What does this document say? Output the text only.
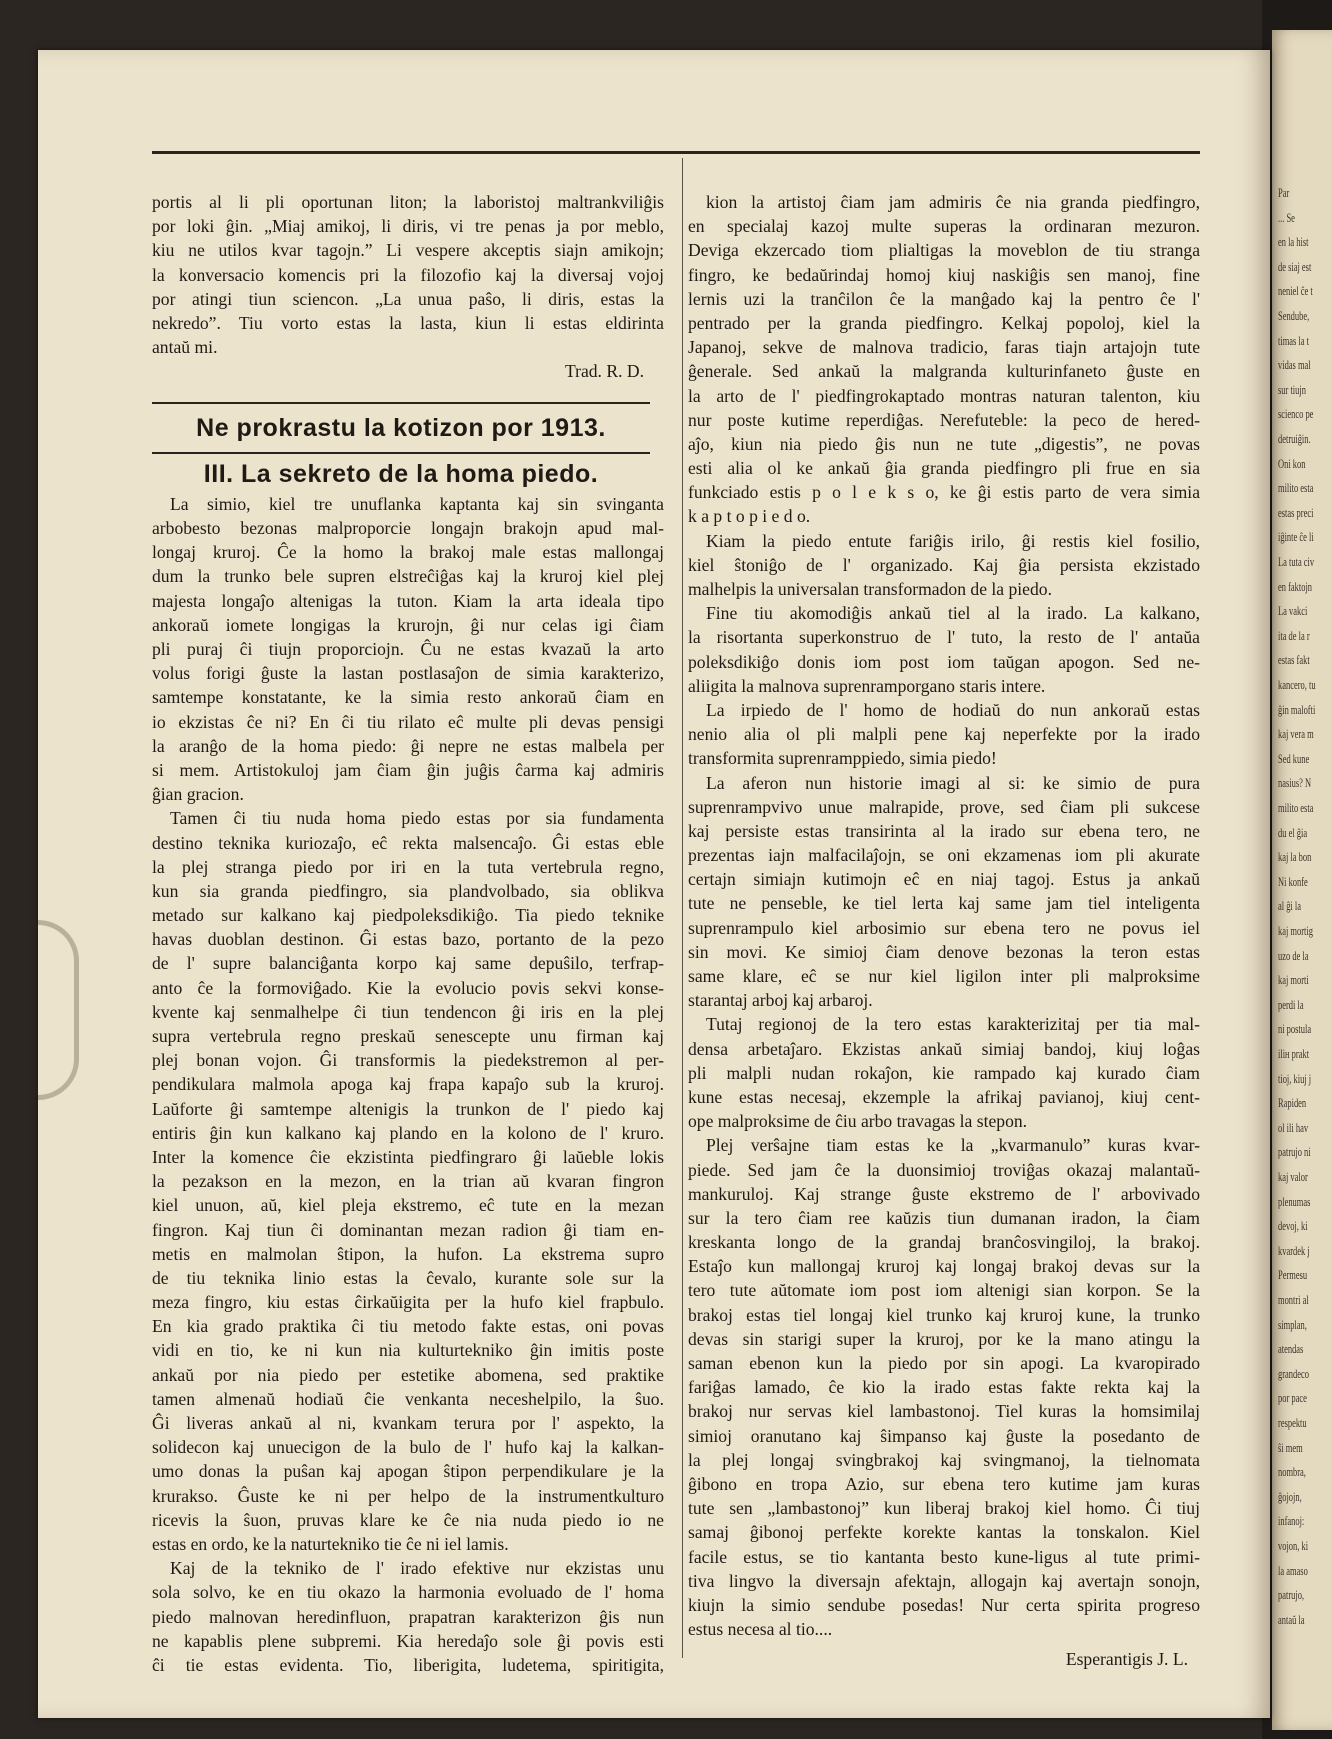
Par
... Se
en la hist
de siaj est
neniel ĉe t
Sendube,
timas la t
vidas mal
sur tiujn
scienco pe
detruiĝin.
Oni kon
milito esta
estas preci
iĝinte ĉe li
La tuta civ
en faktojn
La vakci
ita de la r
estas fakt
kancero, tu
ĝin malofti
kaj vera m
Sed kune
nasius? N
milito esta
du el ĝia
kaj la bon
Ni konfe
al ĝi la
kaj mortig
uzo de la
kaj morti
perdi la
ni postula
iliн prakt
tioj, kiuj j
Rapiden
ol ili hav
patrujo ni
kaj valor
plenumas
devoj, ki
kvardek j
Permesu
montri al
simplan,
atendas
grandeco
por pace
respektu
ŝi mem
nombra,
ĝojojn,
infanoj:
vojon, ki
la amaso
patrujo,
antaŭ la

portis al li pli oportunan liton; la laboristoj maltrankviliĝis
por loki ĝin. „Miaj amikoj, li diris, vi tre penas ja por meblo,
kiu ne utilos kvar tagojn.” Li vespere akceptis siajn amikojn;
la konversacio komencis pri la filozofio kaj la diversaj vojoj
por atingi tiun sciencon. „La unua paŝo, li diris, estas la
nekredo”. Tiu vorto estas la lasta, kiun li estas eldirinta
antaŭ mi.

Trad. R. D.
Ne prokrastu la kotizon por 1913.
III. La sekreto de la homa piedo.

La simio, kiel tre unuflanka kaptanta kaj sin svinganta
arbobesto bezonas malproporcie longajn brakojn apud mal-
longaj kruroj. Ĉe la homo la brakoj male estas mallongaj
dum la trunko bele supren elstreĉiĝas kaj la kruroj kiel plej
majesta longaĵo altenigas la tuton. Kiam la arta ideala tipo
ankoraŭ iomete longigas la krurojn, ĝi nur celas igi ĉiam
pli puraj ĉi tiujn proporciojn. Ĉu ne estas kvazaŭ la arto
volus forigi ĝuste la lastan postlasaĵon de simia karakterizo,
samtempe konstatante, ke la simia resto ankoraŭ ĉiam en
io ekzistas ĉe ni? En ĉi tiu rilato eĉ multe pli devas pensigi
la aranĝo de la homa piedo: ĝi nepre ne estas malbela per
si mem. Artistokuloj jam ĉiam ĝin juĝis ĉarma kaj admiris
ĝian gracion.

Tamen ĉi tiu nuda homa piedo estas por sia fundamenta
destino teknika kuriozaĵo, eĉ rekta malsencaĵo. Ĝi estas eble
la plej stranga piedo por iri en la tuta vertebrula regno,
kun sia granda piedfingro, sia plandvolbado, sia oblikva
metado sur kalkano kaj piedpoleksdikiĝo. Tia piedo teknike
havas duoblan destinon. Ĝi estas bazo, portanto de la pezo
de l' supre balanciĝanta korpo kaj same depuŝilo, terfrap-
anto ĉe la formoviĝado. Kie la evolucio povis sekvi konse-
kvente kaj senmalhelpe ĉi tiun tendencon ĝi iris en la plej
supra vertebrula regno preskaŭ senescepte unu firman kaj
plej bonan vojon. Ĝi transformis la piedekstremon al per-
pendikulara malmola apoga kaj frapa kapaĵo sub la kruroj.
Laŭforte ĝi samtempe altenigis la trunkon de l' piedo kaj
entiris ĝin kun kalkano kaj plando en la kolono de l' kruro.
Inter la komence ĉie ekzistinta piedfingraro ĝi laŭeble lokis
la pezakson en la mezon, en la trian aŭ kvaran fingron
kiel unuon, aŭ, kiel pleja ekstremo, eĉ tute en la mezan
fingron. Kaj tiun ĉi dominantan mezan radion ĝi tiam en-
metis en malmolan ŝtipon, la hufon. La ekstrema supro
de tiu teknika linio estas la ĉevalo, kurante sole sur la
meza fingro, kiu estas ĉirkaŭigita per la hufo kiel frapbulo.
En kia grado praktika ĉi tiu metodo fakte estas, oni povas
vidi en tio, ke ni kun nia kulturtekniko ĝin imitis poste
ankaŭ por nia piedo per estetike abomena, sed praktike
tamen almenaŭ hodiaŭ ĉie venkanta neceshelpilo, la ŝuo.
Ĝi liveras ankaŭ al ni, kvankam terura por l' aspekto, la
solidecon kaj unuecigon de la bulo de l' hufo kaj la kalkan-
umo donas la puŝan kaj apogan ŝtipon perpendikulare je la
krurakso. Ĝuste ke ni per helpo de la instrumentkulturo
ricevis la ŝuon, pruvas klare ke ĉe nia nuda piedo io ne
estas en ordo, ke la naturtekniko tie ĉe ni iel lamis.

Kaj de la tekniko de l' irado efektive nur ekzistas unu
sola solvo, ke en tiu okazo la harmonia evoluado de l' homa
piedo malnovan heredinfluon, prapatran karakterizon ĝis nun
ne kapablis plene subpremi. Kia heredaĵo sole ĝi povis esti
ĉi tie estas evidenta. Tio, liberigita, ludetema, spiritigita,

kion la artistoj ĉiam jam admiris ĉe nia granda piedfingro,
en specialaj kazoj multe superas la ordinaran mezuron.
Deviga ekzercado tiom plialtigas la moveblon de tiu stranga
fingro, ke bedaŭrindaj homoj kiuj naskiĝis sen manoj, fine
lernis uzi la tranĉilon ĉe la manĝado kaj la pentro ĉe l'
pentrado per la granda piedfingro. Kelkaj popoloj, kiel la
Japanoj, sekve de malnova tradicio, faras tiajn artajojn tute
ĝenerale. Sed ankaŭ la malgranda kulturinfaneto ĝuste en
la arto de l' piedfingrokaptado montras naturan talenton, kiu
nur poste kutime reperdiĝas. Nerefuteble: la peco de hered-
aĵo, kiun nia piedo ĝis nun ne tute „digestis”, ne povas
esti alia ol ke ankaŭ ĝia granda piedfingro pli frue en sia
funkciado estis p o l e k s o, ke ĝi estis parto de vera simia
k a p t o p i e d o.

Kiam la piedo entute fariĝis irilo, ĝi restis kiel fosilio,
kiel ŝtoniĝo de l' organizado. Kaj ĝia persista ekzistado
malhelpis la universalan transformadon de la piedo.

Fine tiu akomodiĝis ankaŭ tiel al la irado. La kalkano,
la risortanta superkonstruo de l' tuto, la resto de l' antaŭa
poleksdikiĝo donis iom post iom taŭgan apogon. Sed ne-
aliigita la malnova suprenramporgano staris intere.

La irpiedo de l' homo de hodiaŭ do nun ankoraŭ estas
nenio alia ol pli malpli pene kaj neperfekte por la irado
transformita suprenramppiedo, simia piedo!

La aferon nun historie imagi al si: ke simio de pura
suprenrampvivo unue malrapide, prove, sed ĉiam pli sukcese
kaj persiste estas transirinta al la irado sur ebena tero, ne
prezentas iajn malfacilaĵojn, se oni ekzamenas iom pli akurate
certajn simiajn kutimojn eĉ en niaj tagoj. Estus ja ankaŭ
tute ne penseble, ke tiel lerta kaj same jam tiel inteligenta
suprenrampulo kiel arbosimio sur ebena tero ne povus iel
sin movi. Ke simioj ĉiam denove bezonas la teron estas
same klare, eĉ se nur kiel ligilon inter pli malproksime
starantaj arboj kaj arbaroj.

Tutaj regionoj de la tero estas karakterizitaj per tia mal-
densa arbetaĵaro. Ekzistas ankaŭ simiaj bandoj, kiuj loĝas
pli malpli nudan rokaĵon, kie rampado kaj kurado ĉiam
kune estas necesaj, ekzemple la afrikaj pavianoj, kiuj cent-
ope malproksime de ĉiu arbo travagas la stepon.

Plej verŝajne tiam estas ke la „kvarmanulo” kuras kvar-
piede. Sed jam ĉe la duonsimioj troviĝas okazaj malantaŭ-
mankuruloj. Kaj strange ĝuste ekstremo de l' arbovivado
sur la tero ĉiam ree kaŭzis tiun dumanan iradon, la ĉiam
kreskanta longo de la grandaj branĉosvingiloj, la brakoj.
Estaĵo kun mallongaj kruroj kaj longaj brakoj devas sur la
tero tute aŭtomate iom post iom altenigi sian korpon. Se la
brakoj estas tiel longaj kiel trunko kaj kruroj kune, la trunko
devas sin starigi super la kruroj, por ke la mano atingu la
saman ebenon kun la piedo por sin apogi. La kvaropirado
fariĝas lamado, ĉe kio la irado estas fakte rekta kaj la
brakoj nur servas kiel lambastonoj. Tiel kuras la homsimilaj
simioj oranutano kaj ŝimpanso kaj ĝuste la posedanto de
la plej longaj svingbrakoj kaj svingmanoj, la tielnomata
ĝibono en tropa Azio, sur ebena tero kutime jam kuras
tute sen „lambastonoj” kun liberaj brakoj kiel homo. Ĉi tiuj
samaj ĝibonoj perfekte korekte kantas la tonskalon. Kiel
facile estus, se tio kantanta besto kune-ligus al tute primi-
tiva lingvo la diversajn afektajn, allogajn kaj avertajn sonojn,
kiujn la simio sendube posedas! Nur certa spirita progreso
estus necesa al tio....

Esperantigis J. L.
